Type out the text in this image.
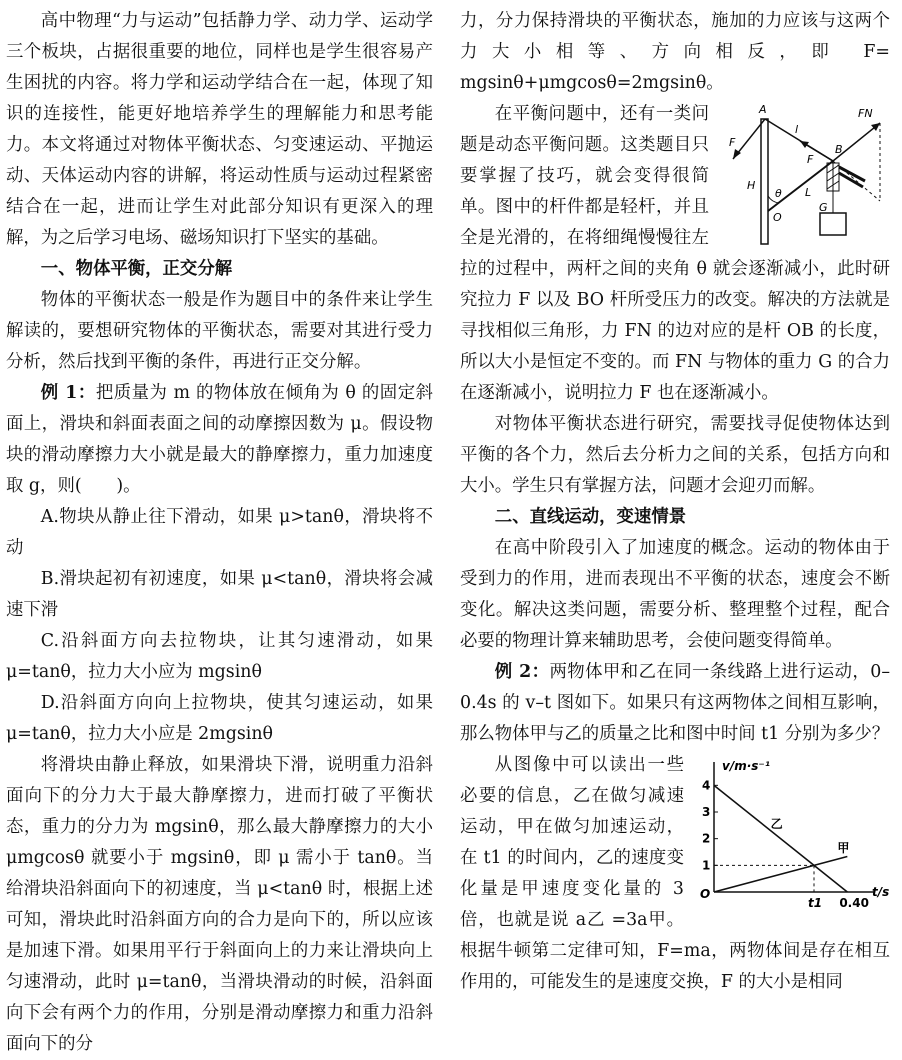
高中物理“力与运动”包括静力学、动力学、运动学三个板块，占据很重要的地位，同样也是学生很容易产生困扰的内容。将力学和运动学结合在一起，体现了知识的连接性，能更好地培养学生的理解能力和思考能力。本文将通过对物体平衡状态、匀变速运动、平抛运动、天体运动内容的讲解，将运动性质与运动过程紧密结合在一起，进而让学生对此部分知识有更深入的理解，为之后学习电场、磁场知识打下坚实的基础。

一、物体平衡，正交分解

物体的平衡状态一般是作为题目中的条件来让学生解读的，要想研究物体的平衡状态，需要对其进行受力分析，然后找到平衡的条件，再进行正交分解。

例 1：把质量为 m 的物体放在倾角为 θ 的固定斜面上，滑块和斜面表面之间的动摩擦因数为 μ。假设物块的滑动摩擦力大小就是最大的静摩擦力，重力加速度取 g，则(　　)。

A.物块从静止往下滑动，如果 μ>tanθ，滑块将不动

B.滑块起初有初速度，如果 μ<tanθ，滑块将会减速下滑

C.沿斜面方向去拉物块，让其匀速滑动，如果μ=tanθ，拉力大小应为 mgsinθ

D.沿斜面方向向上拉物块，使其匀速运动，如果μ=tanθ，拉力大小应是 2mgsinθ

将滑块由静止释放，如果滑块下滑，说明重力沿斜面向下的分力大于最大静摩擦力，进而打破了平衡状态，重力的分力为 mgsinθ，那么最大静摩擦力的大小 μmgcosθ 就要小于 mgsinθ，即 μ 需小于 tanθ。当给滑块沿斜面向下的初速度，当 μ<tanθ 时，根据上述可知，滑块此时沿斜面方向的合力是向下的，所以应该是加速下滑。如果用平行于斜面向上的力来让滑块向上匀速滑动，此时 μ=tanθ，当滑块滑动的时候，沿斜面向下会有两个力的作用，分别是滑动摩擦力和重力沿斜面向下的分

力，分力保持滑块的平衡状态，施加的力应该与这两个力大小相等、方向相反，即 F= mgsinθ+μmgcosθ=2mgsinθ。

A
B
O
H
L
l
F
F
FN
G
θ
在平衡问题中，还有一类问题是动态平衡问题。这类题目只要掌握了技巧，就会变得很简单。图中的杆件都是轻杆，并且全是光滑的，在将细绳慢慢往左拉的过程中，两杆之间的夹角 θ 就会逐渐减小，此时研究拉力 F 以及 BO 杆所受压力的改变。解决的方法就是寻找相似三角形，力 FN 的边对应的是杆 OB 的长度，所以大小是恒定不变的。而 FN 与物体的重力 G 的合力在逐渐减小，说明拉力 F 也在逐渐减小。

对物体平衡状态进行研究，需要找寻促使物体达到平衡的各个力，然后去分析力之间的关系，包括方向和大小。学生只有掌握方法，问题才会迎刃而解。

二、直线运动，变速情景

在高中阶段引入了加速度的概念。运动的物体由于受到力的作用，进而表现出不平衡的状态，速度会不断变化。解决这类问题，需要分析、整理整个过程，配合必要的物理计算来辅助思考，会使问题变得简单。

例 2：两物体甲和乙在同一条线路上进行运动，0–0.4s 的 v–t 图如下。如果只有这两物体之间相互影响，那么物体甲与乙的质量之比和图中时间 t1 分别为多少？

v/m·s⁻¹
t/s
O
1
2
3
4
乙
甲
t1 0.40
从图像中可以读出一些必要的信息，乙在做匀减速运动，甲在做匀加速运动，在 t1 的时间内，乙的速度变化量是甲速度变化量的 3 倍，也就是说 a乙 =3a甲。根据牛顿第二定律可知，F=ma，两物体间是存在相互作用的，可能发生的是速度交换，F 的大小是相同
